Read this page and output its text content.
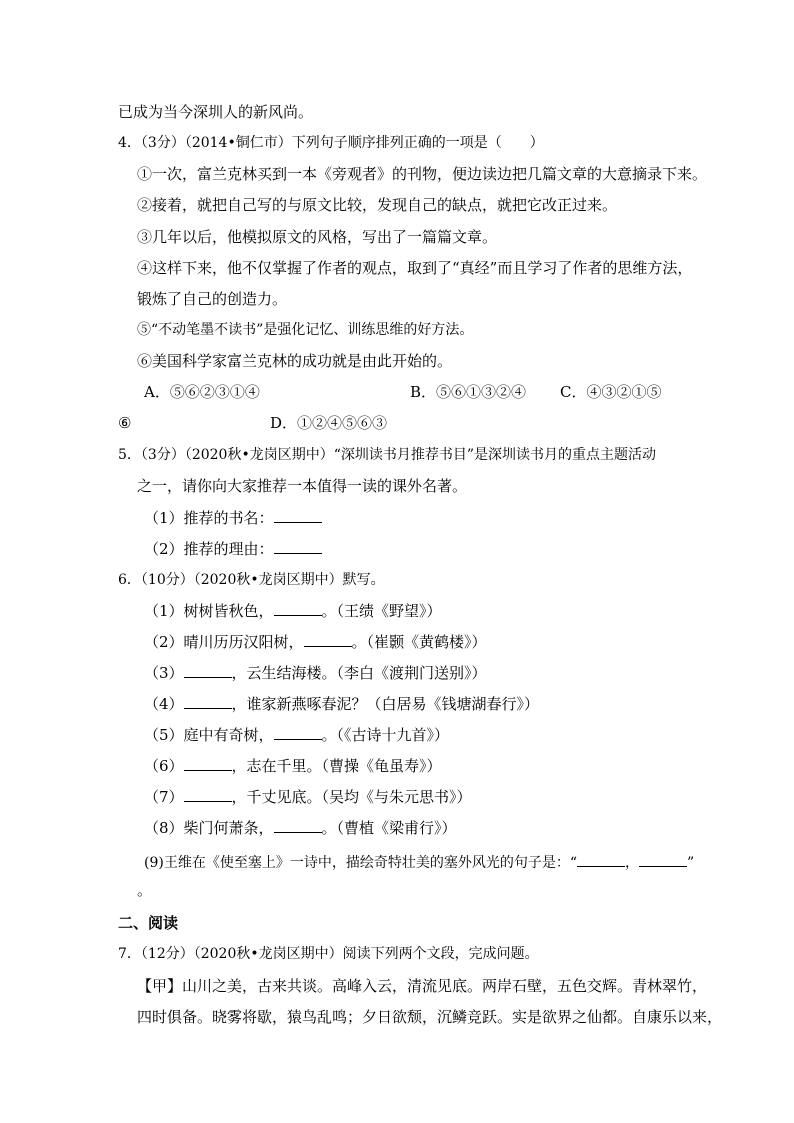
已成为当今深圳人的新风尚。
4．（3分）（2014•铜仁市）下列句子顺序排列正确的一项是（　　）
①一次，富兰克林买到一本《旁观者》的刊物，便边读边把几篇文章的大意摘录下来。
②接着，就把自己写的与原文比较，发现自己的缺点，就把它改正过来。
③几年以后，他模拟原文的风格，写出了一篇篇文章。
④这样下来，他不仅掌握了作者的观点，取到了“真经”而且学习了作者的思维方法，
锻炼了自己的创造力。
⑤“不动笔墨不读书”是强化记忆、训练思维的好方法。
⑥美国科学家富兰克林的成功就是由此开始的。
A．⑤⑥②③①④	B．⑤⑥①③②④ C．④③②①⑤
⑥	D．①②④⑤⑥③
5．（3分）（2020秋•龙岗区期中）“深圳读书月推荐书目”是深圳读书月的重点主题活动
之一，请你向大家推荐一本值得一读的课外名著。
（1）推荐的书名：
（2）推荐的理由：
6．（10分）（2020秋•龙岗区期中）默写。
（1）树树皆秋色，	。（王绩《野望》）
（2）晴川历历汉阳树，	。（崔颢《黄鹤楼》）
（3）	，云生结海楼。（李白《渡荆门送别》）
（4）	，谁家新燕啄春泥？（白居易《钱塘湖春行》）
（5）庭中有奇树，	。（《古诗十九首》）
（6）	，志在千里。（曹操《龟虽寿》）
（7）	，千丈见底。（吴均《与朱元思书》）
（8）柴门何萧条，	。（曹植《梁甫行》）
(9)王维在《使至塞上》一诗中，描绘奇特壮美的塞外风光的句子是：“	，	”
。
二、阅读
7．（12分）（2020秋•龙岗区期中）阅读下列两个文段，完成问题。
【甲】山川之美，古来共谈。高峰入云，清流见底。两岸石壁，五色交辉。青林翠竹，
四时俱备。晓雾将歇，猿鸟乱鸣；夕日欲颓，沉鳞竞跃。实是欲界之仙都。自康乐以来，
